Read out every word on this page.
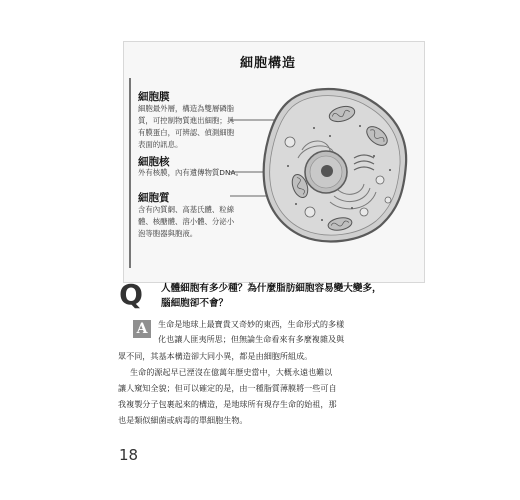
細胞構造
細胞膜
細胞最外層，構造為雙層磷脂
質，可控制物質進出細胞；具
有膜蛋白，可辨認、偵測細胞
表面的訊息。
細胞核
外有核膜，內有遺傳物質DNA。
細胞質
含有內質網、高基氏體、粒線
體、核醣體、溶小體、分泌小
泡等胞器與胞液。
Q 人體細胞有多少種？為什麼脂肪細胞容易變大變多，
腦細胞卻不會？
A	生命是地球上最寶貴又奇妙的東西，生命形式的多樣
化也讓人匪夷所思；但無論生命看來有多麼複雜及與
眾不同，其基本構造卻大同小異，都是由細胞所組成。
生命的源起早已湮沒在億萬年歷史當中，大概永遠也難以
讓人窺知全貌；但可以確定的是，由一種脂質薄膜將一些可自
我複製分子包裹起來的構造，是地球所有現存生命的始祖，那
也是類似細菌或病毒的單細胞生物。
18
